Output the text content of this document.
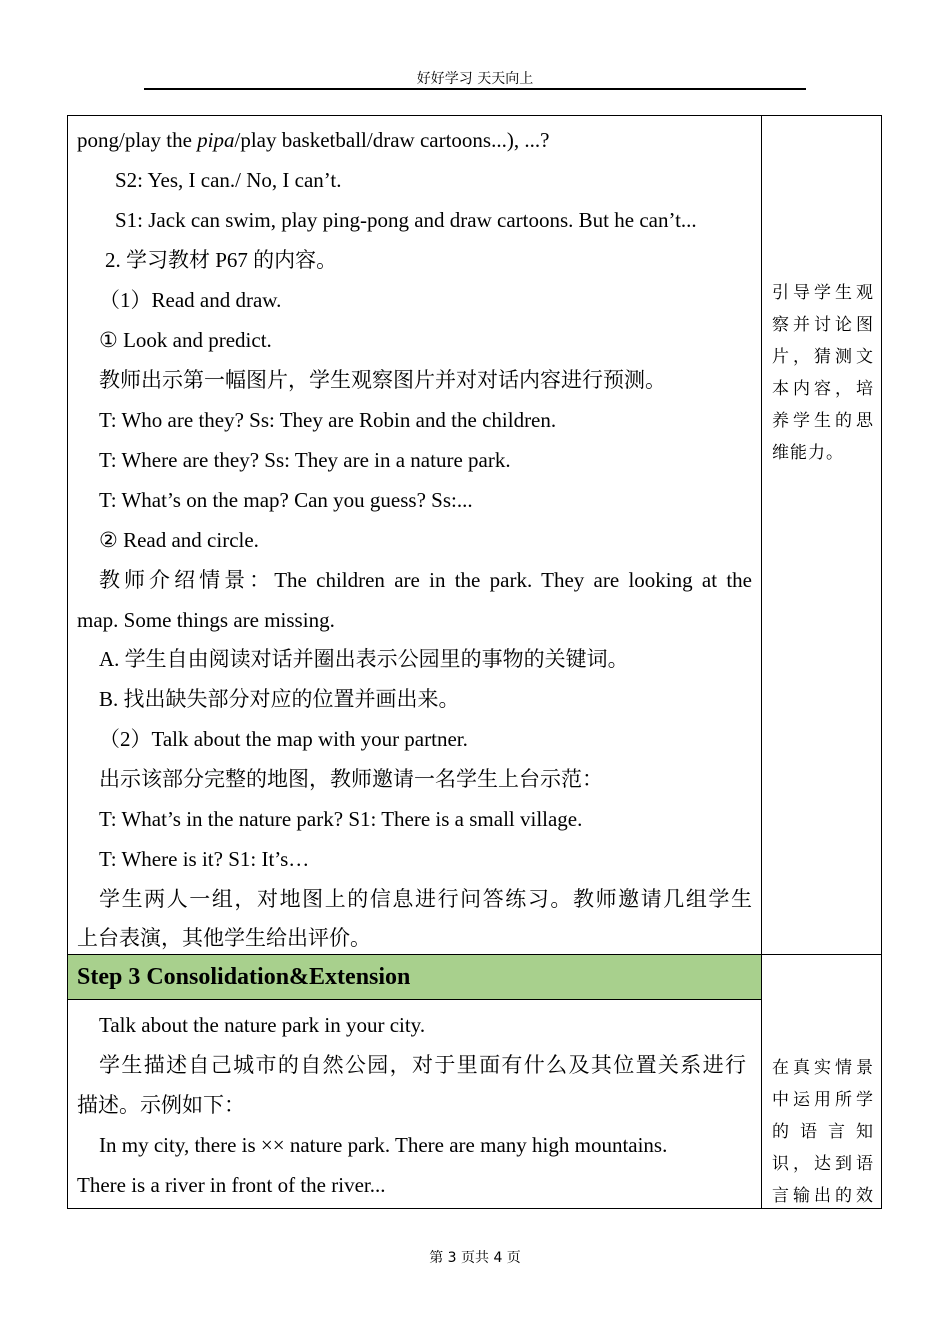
好好学习 天天向上
pong/play the pipa/play basketball/draw cartoons...), ...?
S2: Yes, I can./ No, I can’t.
S1: Jack can swim, play ping-pong and draw cartoons. But he can’t...
2. 学习教材 P67 的内容。
（1）Read and draw.
① Look and predict.
教师出示第一幅图片，学生观察图片并对对话内容进行预测。
T: Who are they? Ss: They are Robin and the children.
T: Where are they? Ss: They are in a nature park.
T: What’s on the map? Can you guess? Ss:...
② Read and circle.
教师介绍情景：The children are in the park. They are looking at the
map. Some things are missing.
A. 学生自由阅读对话并圈出表示公园里的事物的关键词。
B. 找出缺失部分对应的位置并画出来。
（2）Talk about the map with your partner.
出示该部分完整的地图，教师邀请一名学生上台示范：
T: What’s in the nature park? S1: There is a small village.
T: Where is it? S1: It’s…
学生两人一组，对地图上的信息进行问答练习。教师邀请几组学生
上台表演，其他学生给出评价。
引导学生观
察并讨论图
片，猜测文
本内容，培
养学生的思
维能力。
Step 3 Consolidation&Extension
Talk about the nature park in your city.
学生描述自己城市的自然公园，对于里面有什么及其位置关系进行
描述。示例如下：
In my city, there is ×× nature park. There are many high mountains.
There is a river in front of the river...
在真实情景
中运用所学
的语言知
识，达到语
言输出的效
第 3 页共 4 页
